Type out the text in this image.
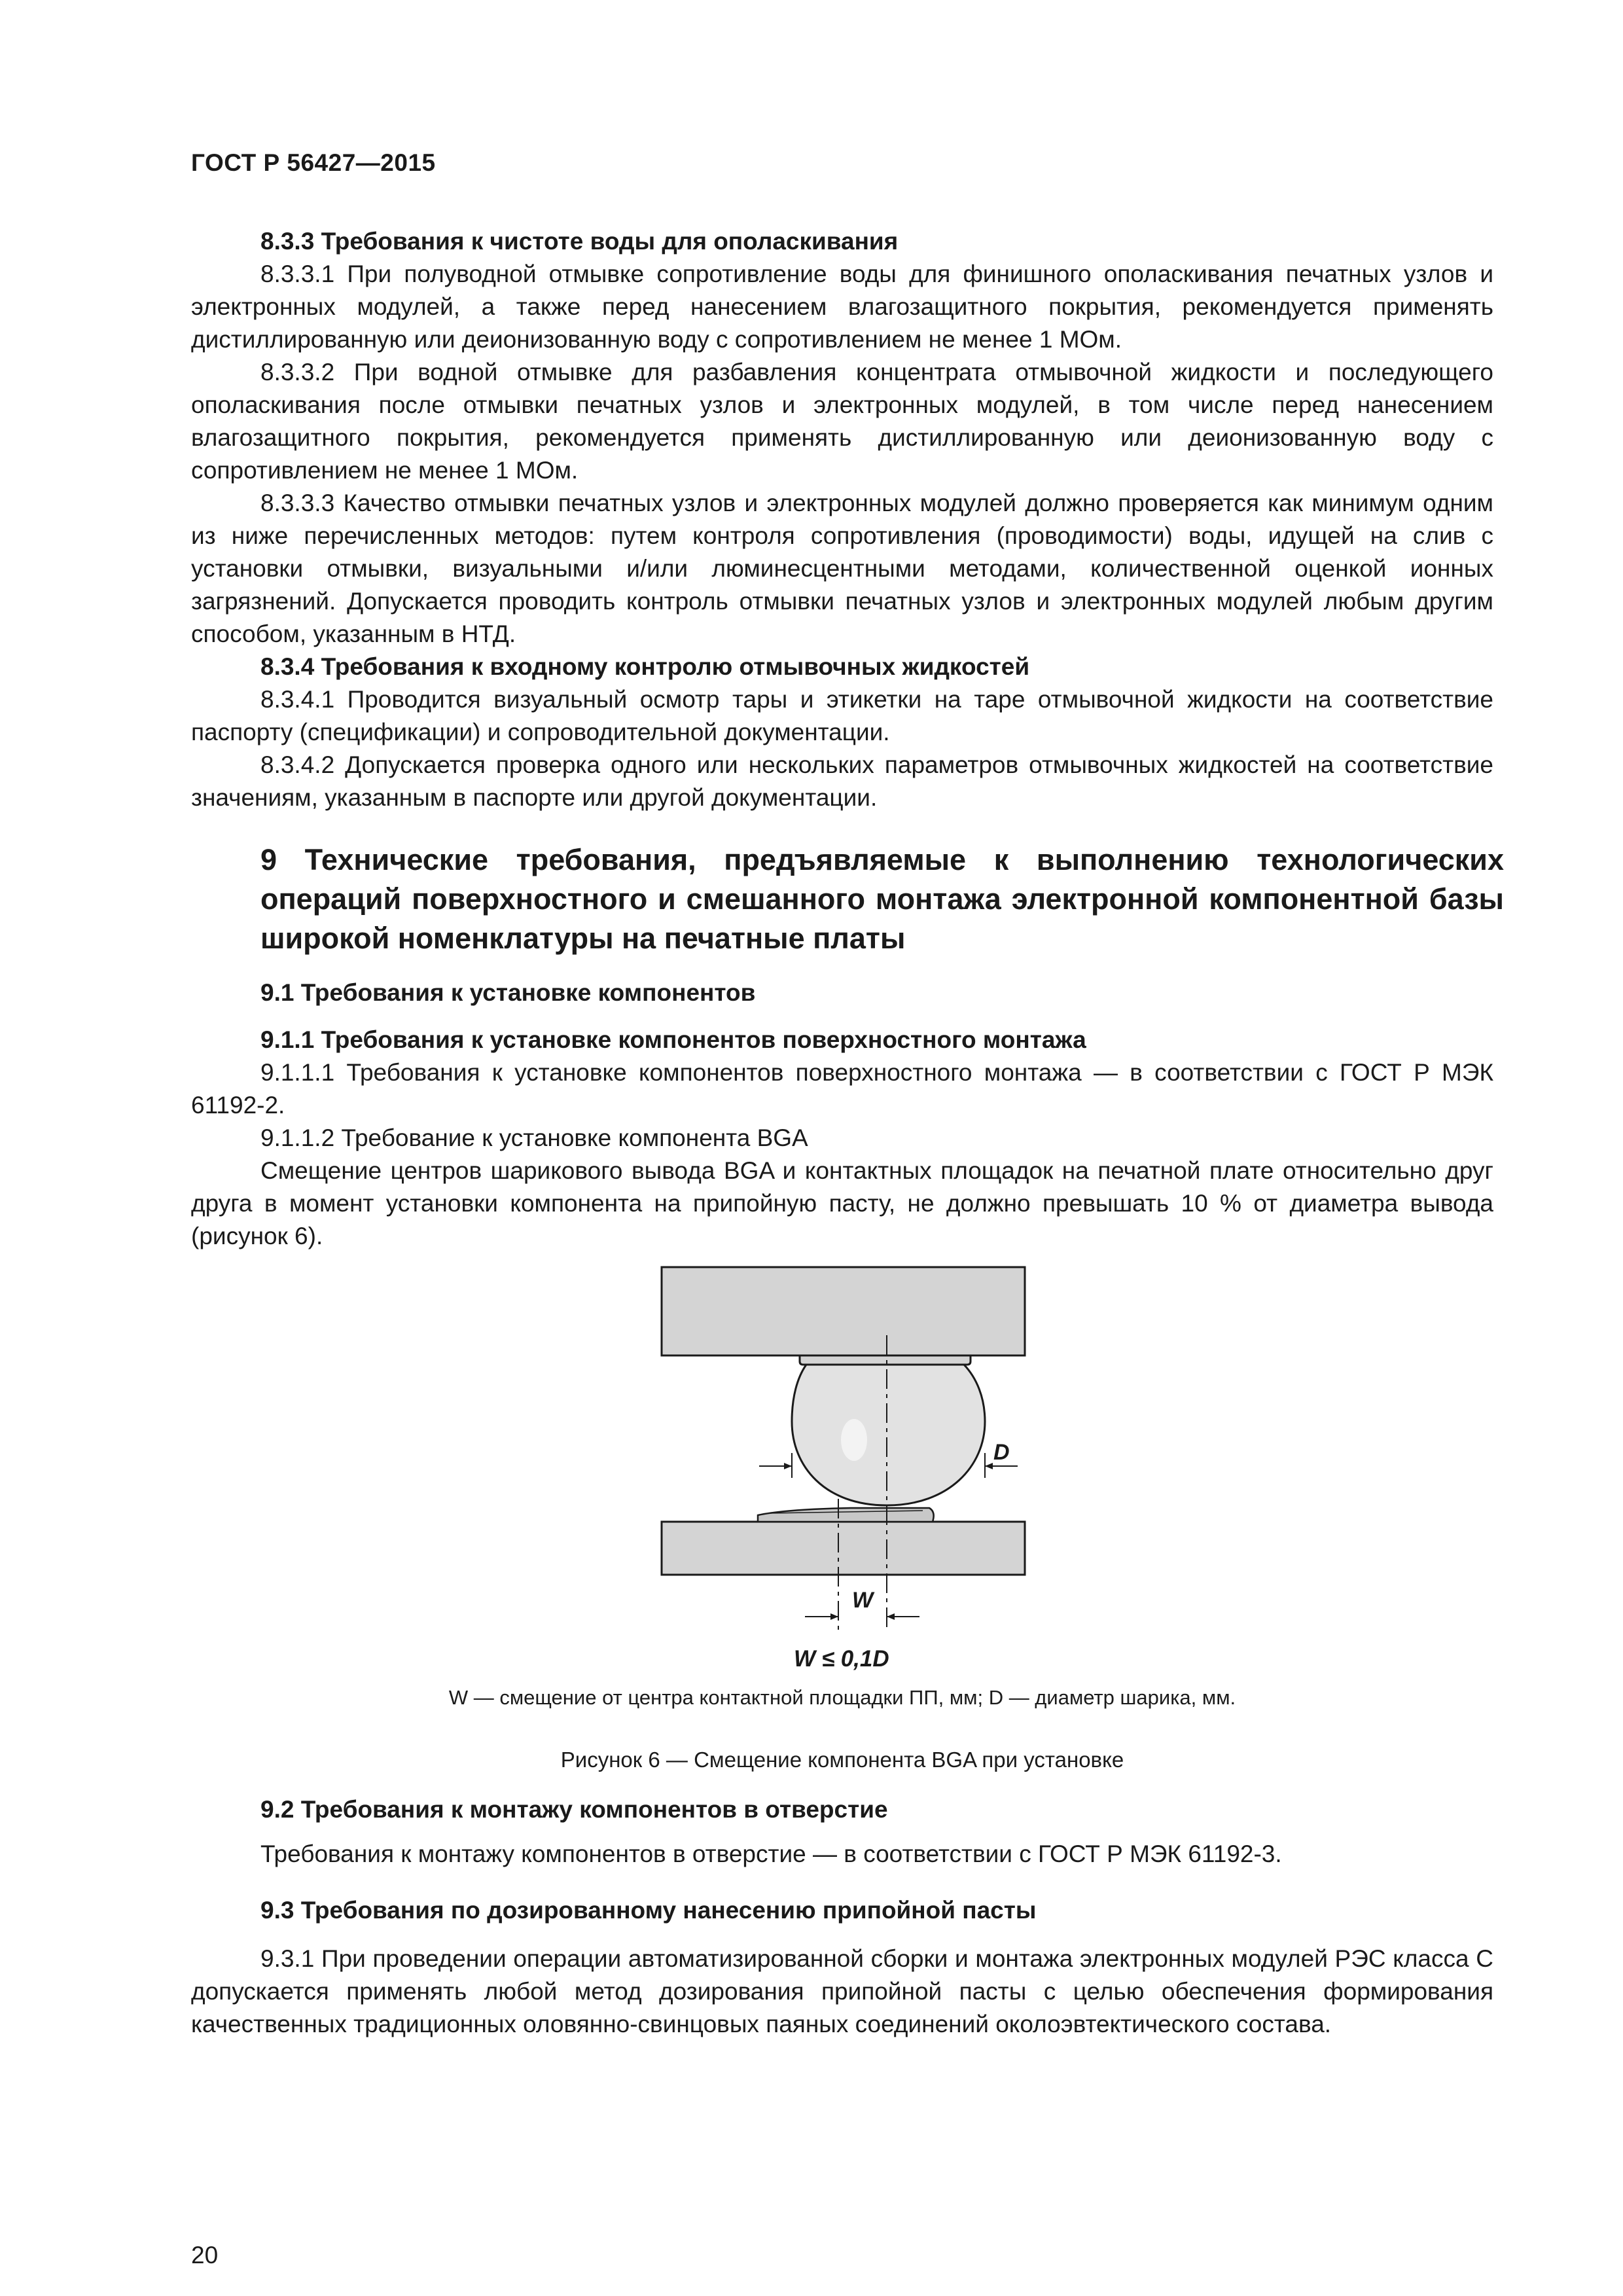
ГОСТ Р 56427—2015

8.3.3 Требования к чистоте воды для ополаскивания

8.3.3.1 При полуводной отмывке сопротивление воды для финишного ополаскивания печатных узлов и электронных модулей, а также перед нанесением влагозащитного покрытия, рекомендуется применять дистиллированную или деионизованную воду с сопротивлением не менее 1 МОм.

8.3.3.2 При водной отмывке для разбавления концентрата отмывочной жидкости и последующего ополаскивания после отмывки печатных узлов и электронных модулей, в том числе перед нанесением влагозащитного покрытия, рекомендуется применять дистиллированную или деионизованную воду с сопротивлением не менее 1 МОм.

8.3.3.3 Качество отмывки печатных узлов и электронных модулей должно проверяется как минимум одним из ниже перечисленных методов: путем контроля сопротивления (проводимости) воды, идущей на слив с установки отмывки, визуальными и/или люминесцентными методами, количественной оценкой ионных загрязнений. Допускается проводить контроль отмывки печатных узлов и электронных модулей любым другим способом, указанным в НТД.

8.3.4 Требования к входному контролю отмывочных жидкостей

8.3.4.1 Проводится визуальный осмотр тары и этикетки на таре отмывочной жидкости на соответствие паспорту (спецификации) и сопроводительной документации.

8.3.4.2 Допускается проверка одного или нескольких параметров отмывочных жидкостей на соответствие значениям, указанным в паспорте или другой документации.

9 Технические требования, предъявляемые к выполнению технологических операций поверхностного и смешанного монтажа электронной компонентной базы широкой номенклатуры на печатные платы

9.1 Требования к установке компонентов

9.1.1 Требования к установке компонентов поверхностного монтажа

9.1.1.1 Требования к установке компонентов поверхностного монтажа — в соответствии с ГОСТ Р МЭК 61192-2.

9.1.1.2 Требование к установке компонента BGA

Смещение центров шарикового вывода BGA и контактных площадок на печатной плате относительно друг друга в момент установки компонента на припойную пасту, не должно превышать 10 % от диаметра вывода (рисунок 6).

D
W
W ≤ 0,1D
W — смещение от центра контактной площадки ПП, мм; D — диаметр шарика, мм.
Рисунок 6 — Смещение компонента BGA при установке

9.2 Требования к монтажу компонентов в отверстие

Требования к монтажу компонентов в отверстие — в соответствии с ГОСТ Р МЭК 61192-3.

9.3 Требования по дозированному нанесению припойной пасты

9.3.1 При проведении операции автоматизированной сборки и монтажа электронных модулей РЭС класса С допускается применять любой метод дозирования припойной пасты с целью обеспечения формирования качественных традиционных оловянно-свинцовых паяных соединений околоэвтектического состава.

20
